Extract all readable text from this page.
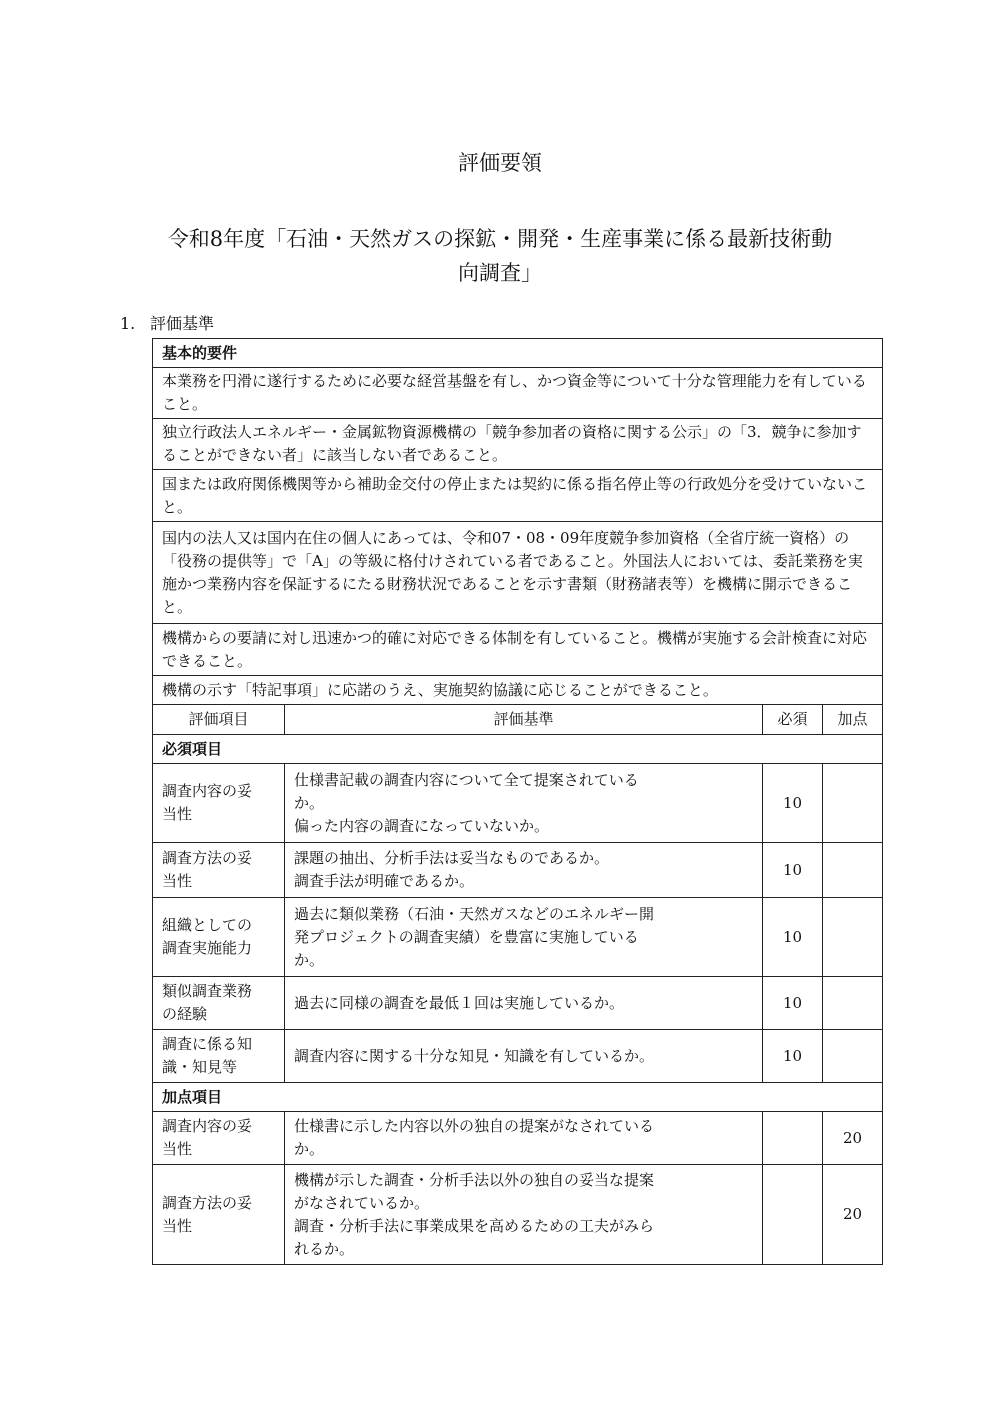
評価要領
令和8年度「石油・天然ガスの探鉱・開発・生産事業に係る最新技術動
向調査」
1. 評価基準
基本的要件			
本業務を円滑に遂行するために必要な経営基盤を有し、かつ資金等について十分な管理能力を有していること。			
独立行政法人エネルギー・金属鉱物資源機構の「競争参加者の資格に関する公示」の「3．競争に参加することができない者」に該当しない者であること。			
国または政府関係機関等から補助金交付の停止または契約に係る指名停止等の行政処分を受けていないこと。			
国内の法人又は国内在住の個人にあっては、令和07・08・09年度競争参加資格（全省庁統一資格）の「役務の提供等」で「A」の等級に格付けされている者であること。外国法人においては、委託業務を実施かつ業務内容を保証するにたる財務状況であることを示す書類（財務諸表等）を機構に開示できること。			
機構からの要請に対し迅速かつ的確に対応できる体制を有していること。機構が実施する会計検査に対応できること。			
機構の示す「特記事項」に応諾のうえ、実施契約協議に応じることができること。			
評価項目	評価基準	必須	加点
必須項目			

調査内容の妥
当性	仕様書記載の調査内容について全て提案されている
か。
偏った内容の調査になっていないか。	10	

調査方法の妥
当性	課題の抽出、分析手法は妥当なものであるか。
調査手法が明確であるか。	10	

組織としての
調査実施能力	過去に類似業務（石油・天然ガスなどのエネルギー開
発プロジェクトの調査実績）を豊富に実施している
か。	10	

類似調査業務
の経験	過去に同様の調査を最低１回は実施しているか。	10	

調査に係る知
識・知見等	調査内容に関する十分な知見・知識を有しているか。	10	
加点項目			

調査内容の妥
当性	仕様書に示した内容以外の独自の提案がなされている
か。		20

調査方法の妥
当性	機構が示した調査・分析手法以外の独自の妥当な提案
がなされているか。
調査・分析手法に事業成果を高めるための工夫がみら
れるか。		20
